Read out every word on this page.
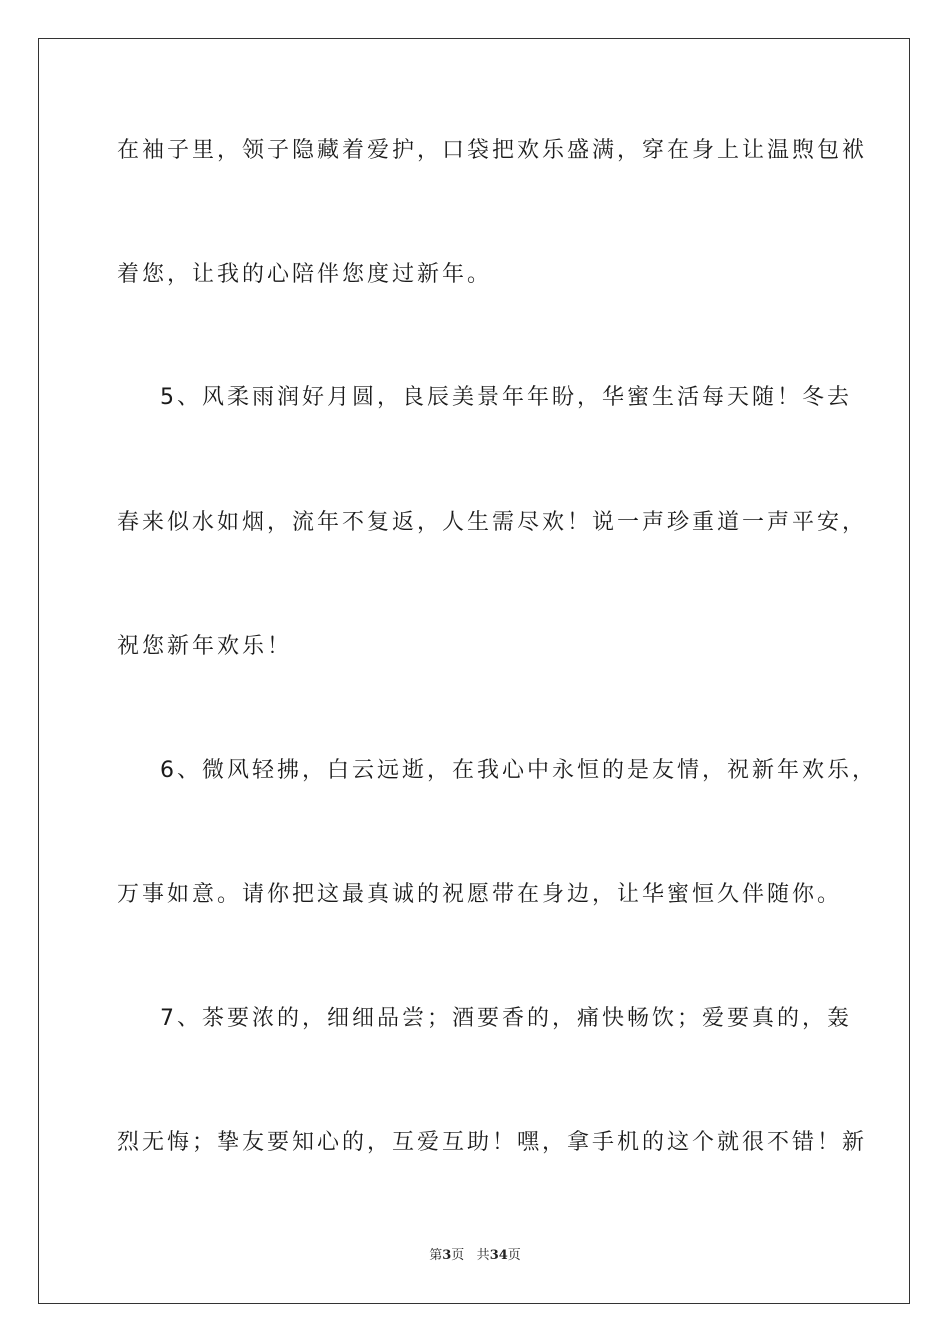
在袖子里，领子隐藏着爱护，口袋把欢乐盛满，穿在身上让温煦包袱
着您，让我的心陪伴您度过新年。
5、风柔雨润好月圆，良辰美景年年盼，华蜜生活每天随！冬去
春来似水如烟，流年不复返，人生需尽欢！说一声珍重道一声平安，
祝您新年欢乐！
6、微风轻拂，白云远逝，在我心中永恒的是友情，祝新年欢乐，
万事如意。请你把这最真诚的祝愿带在身边，让华蜜恒久伴随你。
7、茶要浓的，细细品尝；酒要香的，痛快畅饮；爱要真的，轰
烈无悔；挚友要知心的，互爱互助！嘿，拿手机的这个就很不错！新
第3页 共34页
